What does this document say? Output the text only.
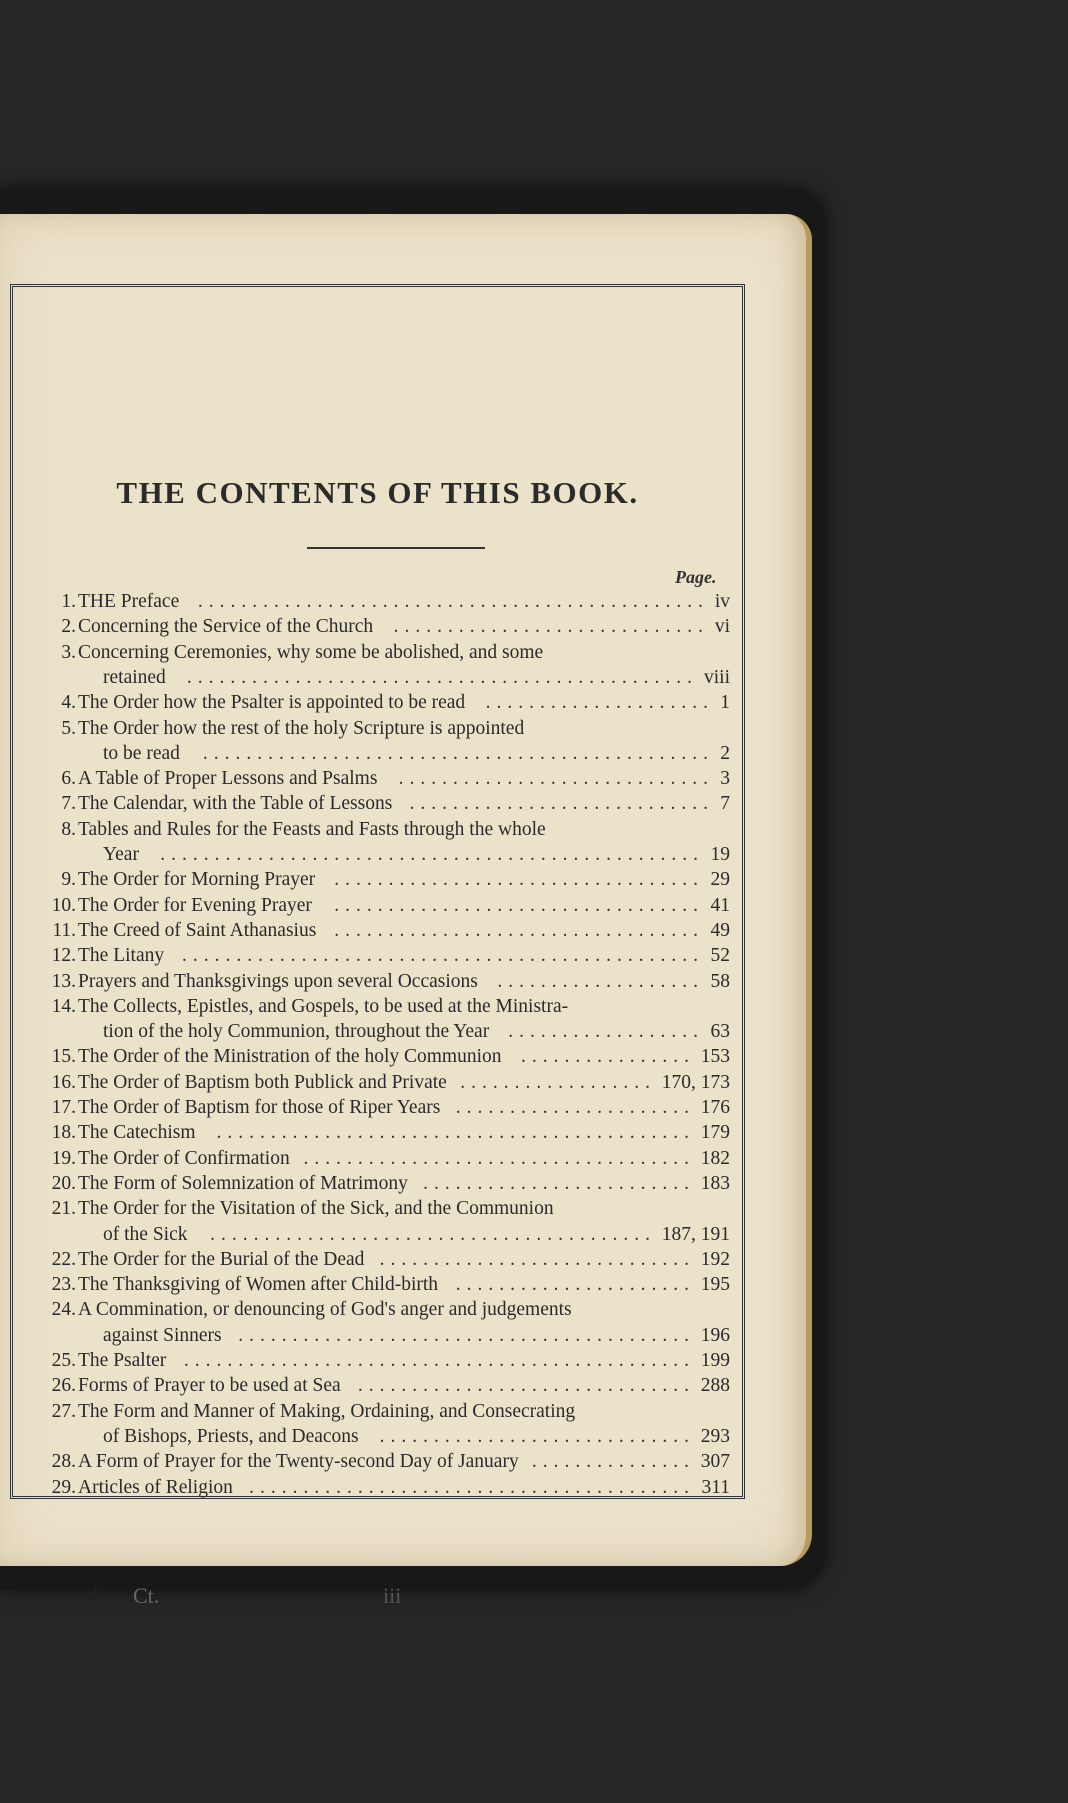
THE CONTENTS OF THIS BOOK.
Page.
1. THE Preface	iv
...............................................
2. Concerning the Service of the Church	vi
.............................
3. Concerning Ceremonies, why some be abolished, and some
retained	viii
...............................................
4. The Order how the Psalter is appointed to be read	1
.....................
5. The Order how the rest of the holy Scripture is appointed
to be read	2
...............................................
6. A Table of Proper Lessons and Psalms	3
.............................
7. The Calendar, with the Table of Lessons	7
............................
8. Tables and Rules for the Feasts and Fasts through the whole
Year	19
..................................................
9. The Order for Morning Prayer	29
..................................
10. The Order for Evening Prayer	41
..................................
11. The Creed of Saint Athanasius	49
..................................
12. The Litany	52
................................................
13. Prayers and Thanksgivings upon several Occasions	58
...................
14. The Collects, Epistles, and Gospels, to be used at the Ministra-
tion of the holy Communion, throughout the Year	63
..................
15. The Order of the Ministration of the holy Communion	153
................
16. The Order of Baptism both Publick and Private	170, 173
..................
17. The Order of Baptism for those of Riper Years	176
......................
18. The Catechism	179
............................................
19. The Order of Confirmation	182
....................................
20. The Form of Solemnization of Matrimony	183
.........................
21. The Order for the Visitation of the Sick, and the Communion
of the Sick	187, 191
.........................................
22. The Order for the Burial of the Dead	192
.............................
23. The Thanksgiving of Women after Child-birth	195
......................
24. A Commination, or denouncing of God's anger and judgements
against Sinners	196
..........................................
25. The Psalter	199
...............................................
26. Forms of Prayer to be used at Sea	288
...............................
27. The Form and Manner of Making, Ordaining, and Consecrating
of Bishops, Priests, and Deacons	293
.............................
28. A Form of Prayer for the Twenty-second Day of January	307
...............
29. Articles of Religion	311
.........................................
† Ct.	iii
